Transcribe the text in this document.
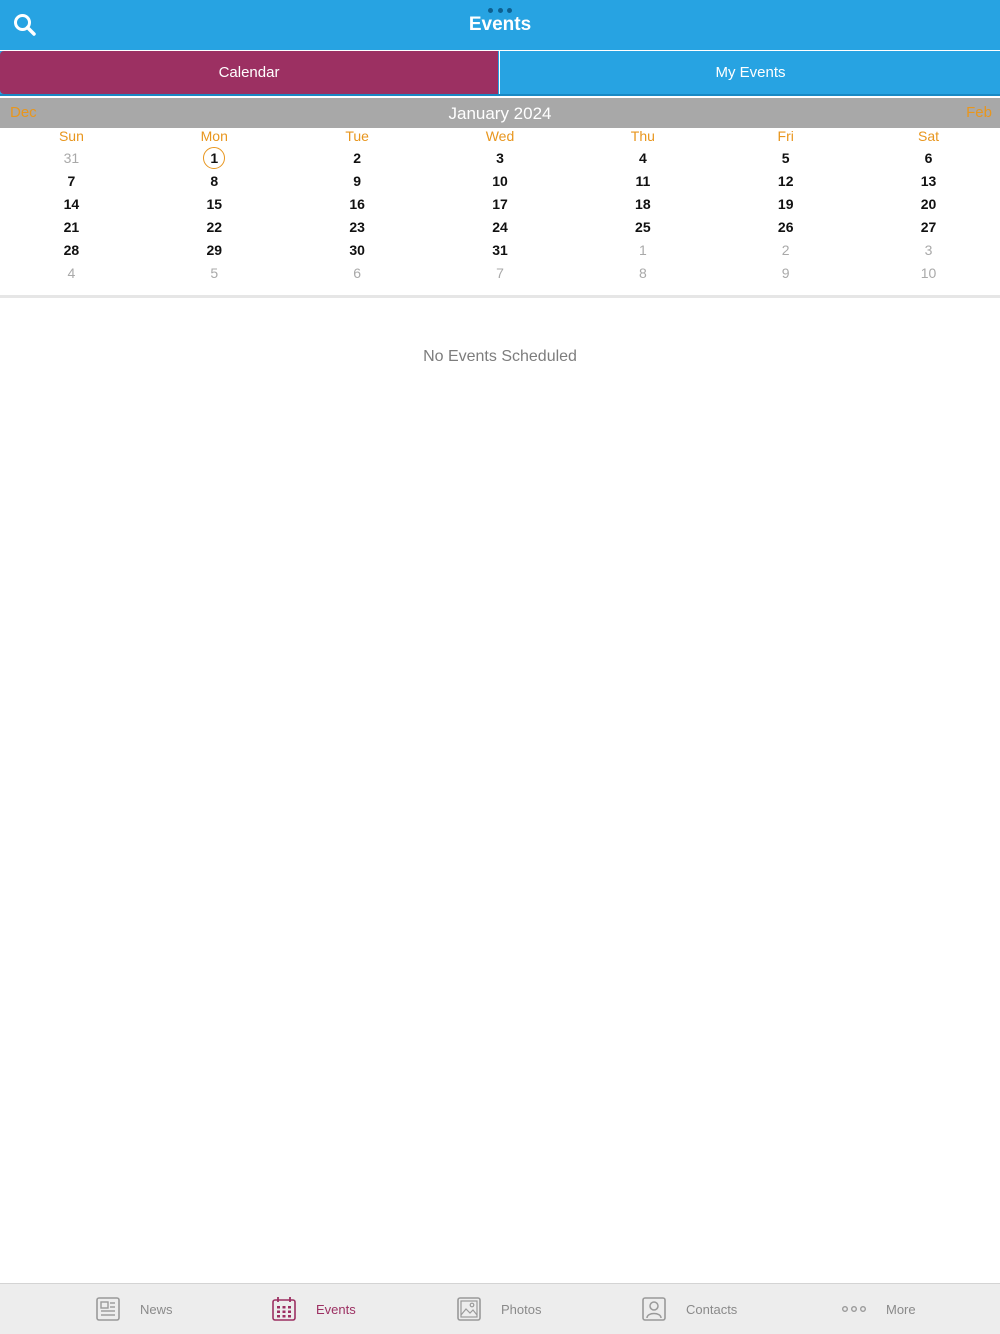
Events
Calendar	My Events
January 2024
Dec	Feb
Sun	Mon	Tue	Wed	Thu	Fri	Sat
31	1	2	3	4	5	6
7	8	9	10	11	12	13
14	15	16	17	18	19	20
21	22	23	24	25	26	27
28	29	30	31	1	2	3
4	5	6	7	8	9	10
No Events Scheduled
News	Events	Photos	Contacts	More
